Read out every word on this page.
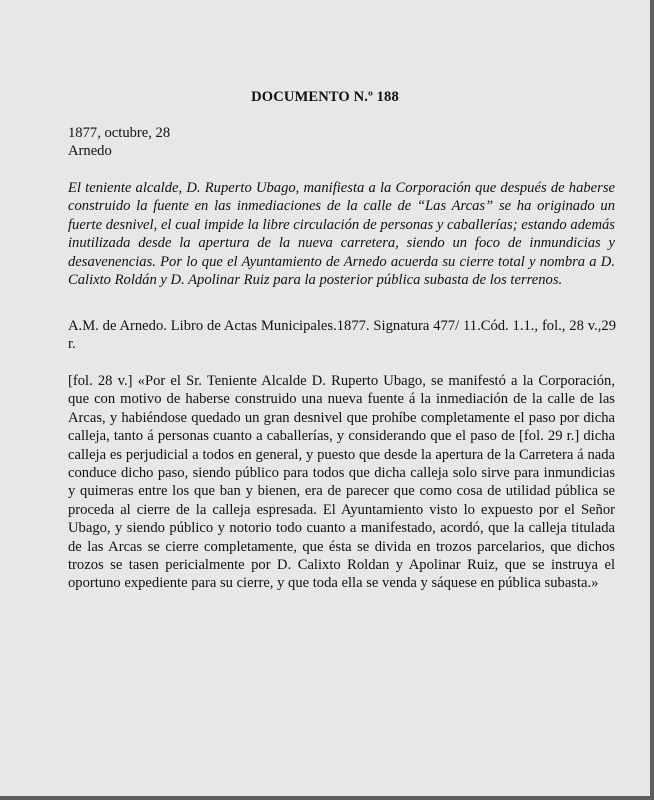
DOCUMENTO N.º 188
1877, octubre, 28
Arnedo

El teniente alcalde, D. Ruperto Ubago, manifiesta a la Corporación que después de haberse construido la fuente en las inmediaciones de la calle de “Las Arcas” se ha originado un fuerte desnivel, el cual impide la libre circulación de personas y caballerías; estando además inutilizada desde la apertura de la nueva carretera, siendo un foco de inmundicias y desavenencias. Por lo que el Ayuntamiento de Arnedo acuerda su cierre total y nombra a D. Calixto Roldán y D. Apolinar Ruiz para la posterior pública subasta de los terrenos.

A.M. de Arnedo. Libro de Actas Municipales.1877. Signatura 477/ 11.Cód. 1.1., fol., 28 v.,29 r.

[fol. 28 v.] «Por el Sr. Teniente Alcalde D. Ruperto Ubago, se manifestó a la Corporación, que con motivo de haberse construido una nueva fuente á la inmediación de la calle de las Arcas, y habiéndose quedado un gran desnivel que prohíbe completamente el paso por dicha calleja, tanto á personas cuanto a caballerías, y considerando que el paso de [fol. 29 r.] dicha calleja es perjudicial a todos en general, y puesto que desde la apertura de la Carretera á nada conduce dicho paso, siendo público para todos que dicha calleja solo sirve para inmundicias y quimeras entre los que ban y bienen, era de parecer que como cosa de utilidad pública se proceda al cierre de la calleja espresada. El Ayuntamiento visto lo expuesto por el Señor Ubago, y siendo público y notorio todo cuanto a manifestado, acordó, que la calleja titulada de las Arcas se cierre completamente, que ésta se divida en trozos parcelarios, que dichos trozos se tasen pericialmente por D. Calixto Roldan y Apolinar Ruiz, que se instruya el oportuno expediente para su cierre, y que toda ella se venda y sáquese en pública subasta.»
